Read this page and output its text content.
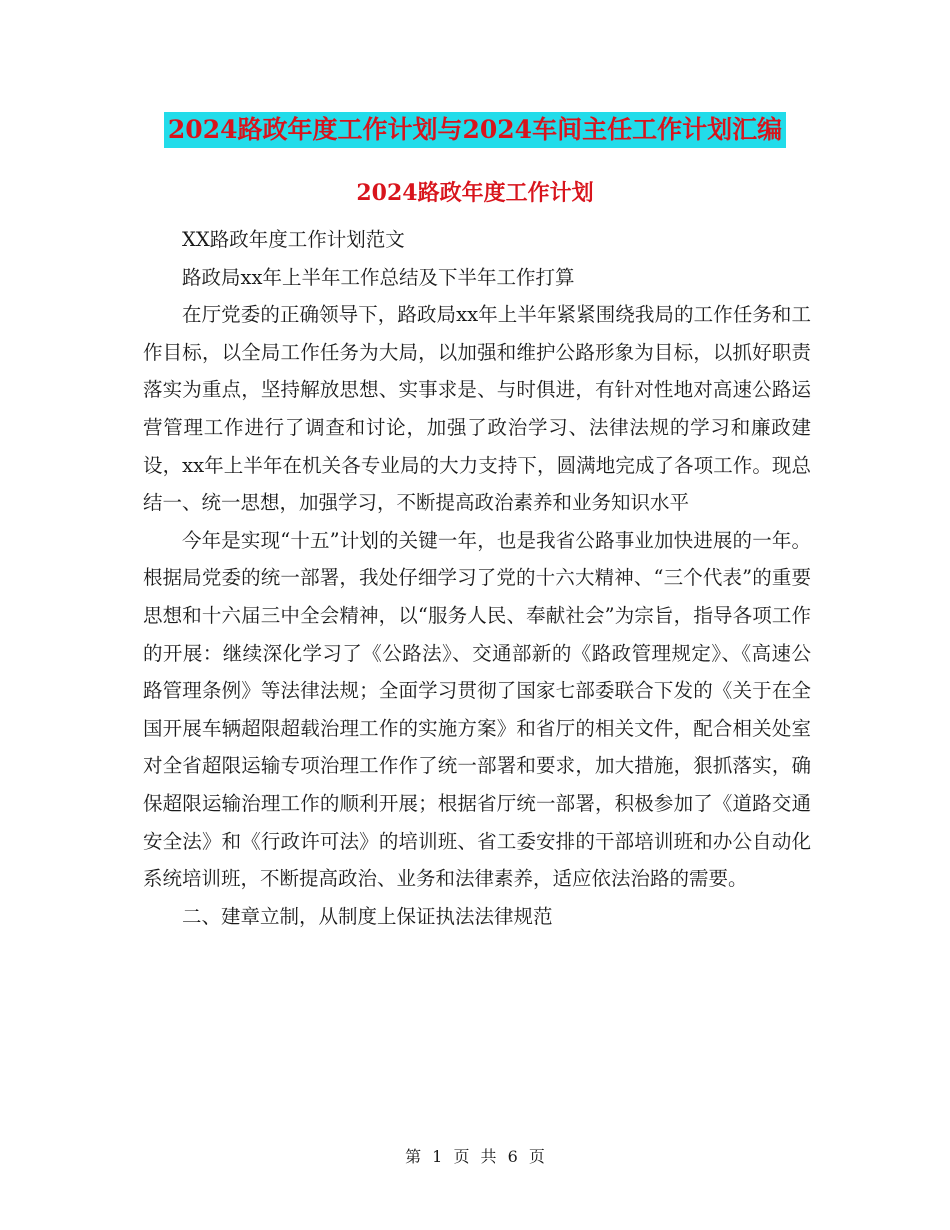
2024路政年度工作计划与2024车间主任工作计划汇编
2024路政年度工作计划

XX路政年度工作计划范文

路政局xx年上半年工作总结及下半年工作打算

在厅党委的正确领导下，路政局xx年上半年紧紧围绕我局的工作任务和工作目标，以全局工作任务为大局，以加强和维护公路形象为目标，以抓好职责落实为重点，坚持解放思想、实事求是、与时俱进，有针对性地对高速公路运营管理工作进行了调查和讨论，加强了政治学习、法律法规的学习和廉政建设，xx年上半年在机关各专业局的大力支持下，圆满地完成了各项工作。现总结一、统一思想，加强学习，不断提高政治素养和业务知识水平

今年是实现“十五”计划的关键一年，也是我省公路事业加快进展的一年。根据局党委的统一部署，我处仔细学习了党的十六大精神、“三个代表”的重要思想和十六届三中全会精神，以“服务人民、奉献社会”为宗旨，指导各项工作的开展：继续深化学习了《公路法》、交通部新的《路政管理规定》、《高速公路管理条例》等法律法规；全面学习贯彻了国家七部委联合下发的《关于在全国开展车辆超限超载治理工作的实施方案》和省厅的相关文件，配合相关处室对全省超限运输专项治理工作作了统一部署和要求，加大措施，狠抓落实，确保超限运输治理工作的顺利开展；根据省厅统一部署，积极参加了《道路交通安全法》和《行政许可法》的培训班、省工委安排的干部培训班和办公自动化系统培训班，不断提高政治、业务和法律素养，适应依法治路的需要。

二、建章立制，从制度上保证执法法律规范

第 1 页 共 6 页
